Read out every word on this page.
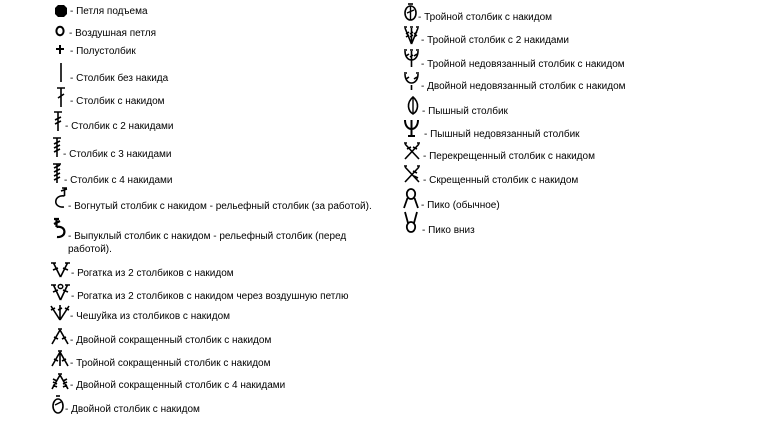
- Петля подъема
- Воздушная петля
- Полустолбик
- Столбик без накида
- Столбик с накидом
- Столбик с 2 накидами
- Столбик с 3 накидами
- Столбик с 4 накидами
- Вогнутый столбик с накидом - рельефный столбик (за работой).
- Выпуклый столбик с накидом - рельефный столбик (перед работой).
- Рогатка из 2 столбиков с накидом
- Рогатка из 2 столбиков с накидом через воздушную петлю
- Чешуйка из столбиков с накидом
- Двойной сокращенный столбик с накидом
- Тройной сокращенный столбик с накидом
- Двойной сокращенный столбик с 4 накидами
- Двойной столбик с накидом
- Тройной столбик с накидом
- Тройной столбик с 2 накидами
- Тройной недовязанный столбик с накидом
- Двойной недовязанный столбик с накидом
- Пышный столбик
- Пышный недовязанный столбик
- Перекрещенный столбик с накидом
- Скрещенный столбик с накидом
- Пико (обычное)
- Пико вниз
